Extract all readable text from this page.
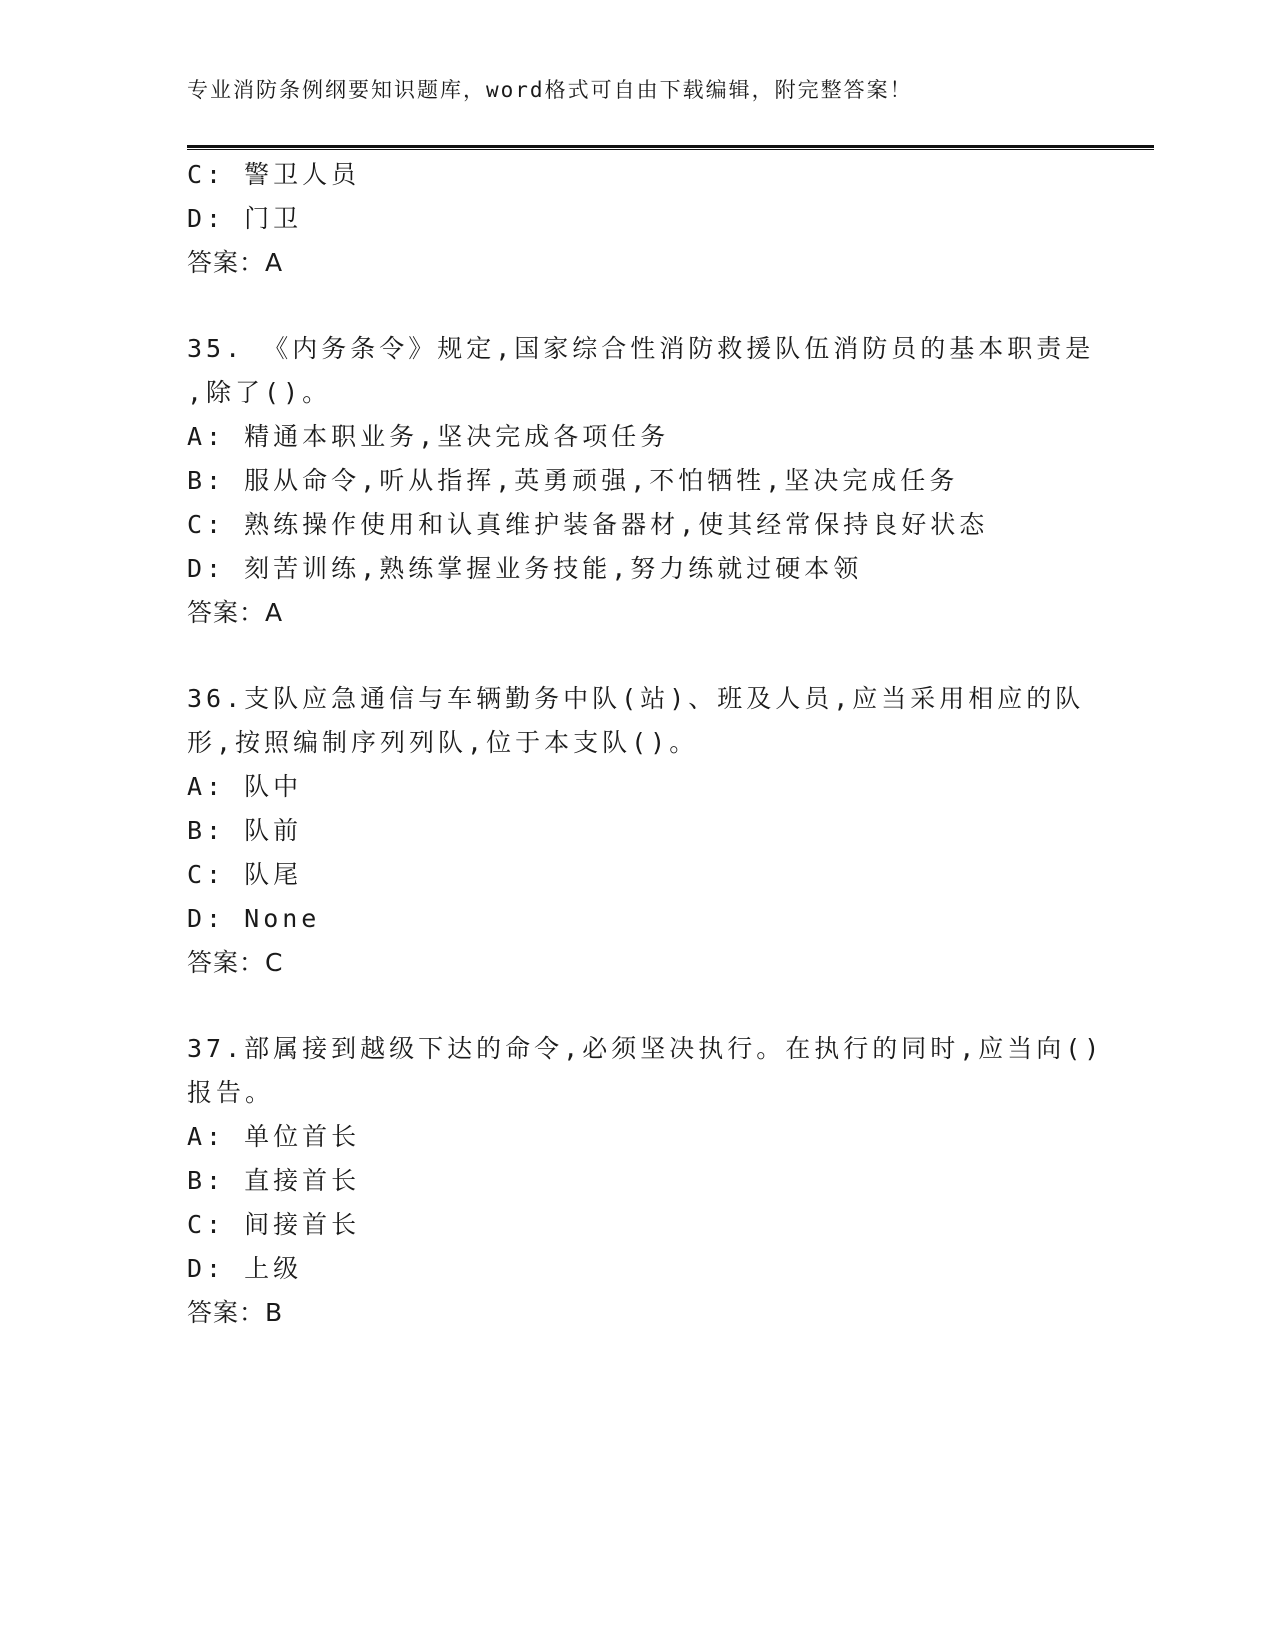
专业消防条例纲要知识题库，word格式可自由下载编辑，附完整答案！
C: 警卫人员
D: 门卫
答案：A
35. 《内务条令》规定,国家综合性消防救援队伍消防员的基本职责是
,除了()。
A: 精通本职业务,坚决完成各项任务
B: 服从命令,听从指挥,英勇顽强,不怕牺牲,坚决完成任务
C: 熟练操作使用和认真维护装备器材,使其经常保持良好状态
D: 刻苦训练,熟练掌握业务技能,努力练就过硬本领
答案：A
36.支队应急通信与车辆勤务中队(站)、班及人员,应当采用相应的队
形,按照编制序列列队,位于本支队()。
A: 队中
B: 队前
C: 队尾
D: None
答案：C
37.部属接到越级下达的命令,必须坚决执行。在执行的同时,应当向()
报告。
A: 单位首长
B: 直接首长
C: 间接首长
D: 上级
答案：B
